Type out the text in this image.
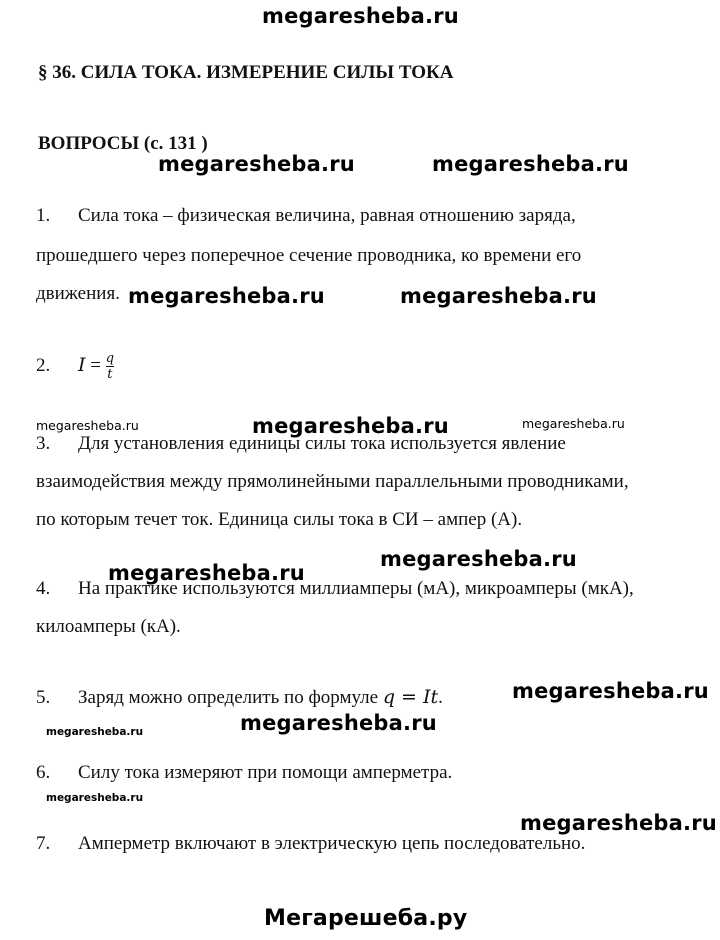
megaresheba.ru
§ 36. СИЛА ТОКА. ИЗМЕРЕНИЕ СИЛЫ ТОКА
ВОПРОСЫ (с. 131 )
megaresheba.ru	megaresheba.ru
1. Сила тока – физическая величина, равная отношению заряда,
прошедшего через поперечное сечение проводника, ко времени его
движения. megaresheba.ru	megaresheba.ru
2. $I = \frac{q}{t}$
megaresheba.ru	megaresheba.ru	megaresheba.ru
3. Для установления единицы силы тока используется явление
взаимодействия между прямолинейными параллельными проводниками,
по которым течет ток. Единица силы тока в СИ – ампер (А).
megaresheba.ru
megaresheba.ru
4. На практике используются миллиамперы (мА), микроамперы (мкА),
килоамперы (кА).
megaresheba.ru
5. Заряд можно определить по формуле q = It.
megaresheba.ru	megaresheba.ru
6. Силу тока измеряют при помощи амперметра.
megaresheba.ru
megaresheba.ru
7. Амперметр включают в электрическую цепь последовательно.
Мегарешеба.ру
